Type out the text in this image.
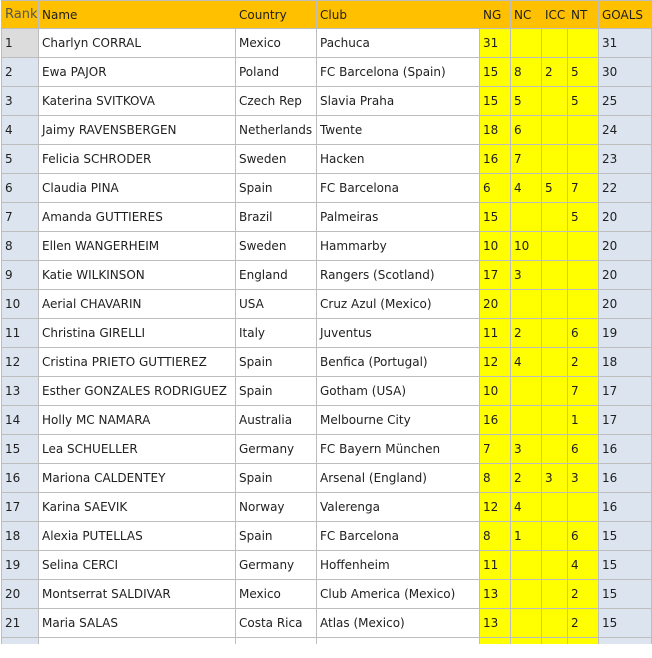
Rank	Name	Country	Club	NG	NC	ICC	NT	GOALS
1	Charlyn CORRAL	Mexico	Pachuca	31				31
2	Ewa PAJOR	Poland	FC Barcelona (Spain)	15	8	2	5	30
3	Katerina SVITKOVA	Czech Rep	Slavia Praha	15	5		5	25
4	Jaimy RAVENSBERGEN	Netherlands	Twente	18	6			24
5	Felicia SCHRODER	Sweden	Hacken	16	7			23
6	Claudia PINA	Spain	FC Barcelona	6	4	5	7	22
7	Amanda GUTTIERES	Brazil	Palmeiras	15			5	20
8	Ellen WANGERHEIM	Sweden	Hammarby	10	10			20
9	Katie WILKINSON	England	Rangers (Scotland)	17	3			20
10	Aerial CHAVARIN	USA	Cruz Azul (Mexico)	20				20
11	Christina GIRELLI	Italy	Juventus	11	2		6	19
12	Cristina PRIETO GUTTIEREZ	Spain	Benfica (Portugal)	12	4		2	18
13	Esther GONZALES RODRIGUEZ	Spain	Gotham (USA)	10			7	17
14	Holly MC NAMARA	Australia	Melbourne City	16			1	17
15	Lea SCHUELLER	Germany	FC Bayern München	7	3		6	16
16	Mariona CALDENTEY	Spain	Arsenal (England)	8	2	3	3	16
17	Karina SAEVIK	Norway	Valerenga	12	4			16
18	Alexia PUTELLAS	Spain	FC Barcelona	8	1		6	15
19	Selina CERCI	Germany	Hoffenheim	11			4	15
20	Montserrat SALDIVAR	Mexico	Club America (Mexico)	13			2	15
21	Maria SALAS	Costa Rica	Atlas (Mexico)	13			2	15
